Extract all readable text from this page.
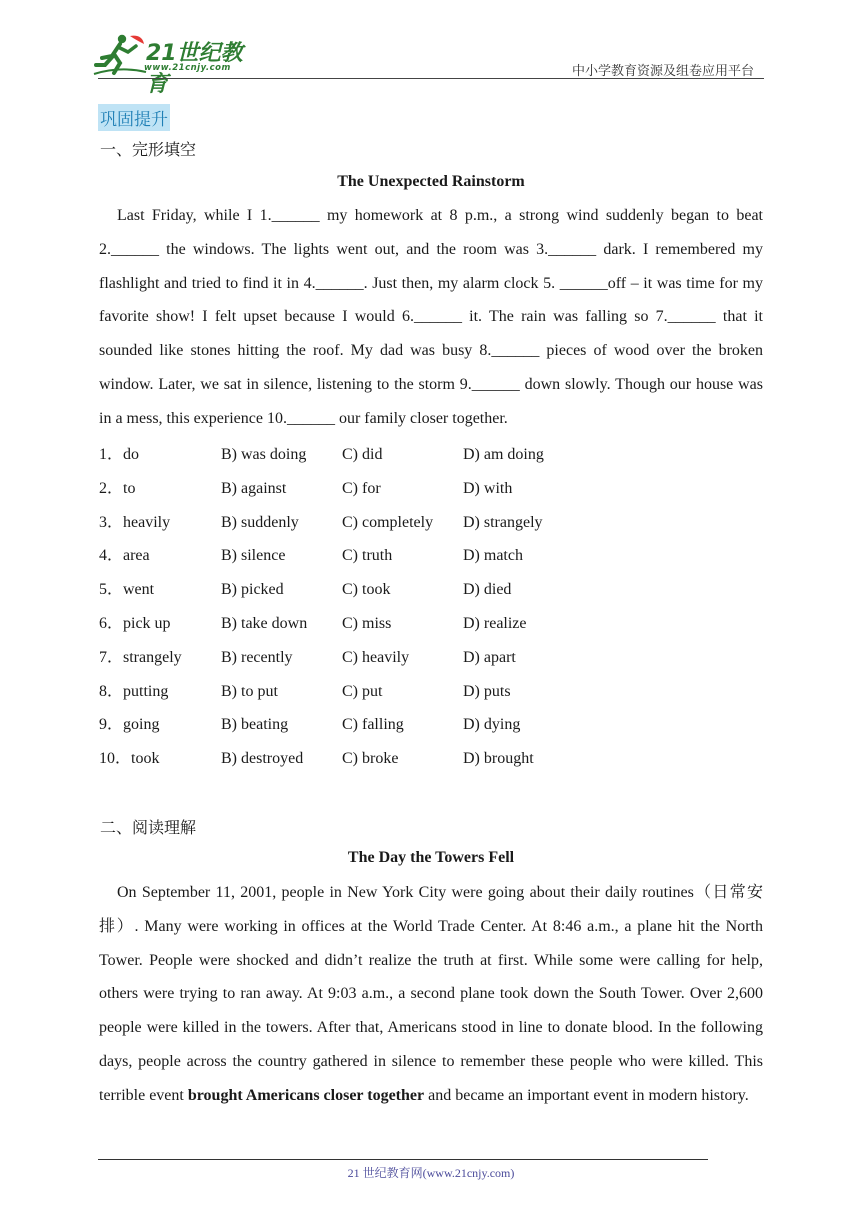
21世纪教育
www.21cnjy.com	中小学教育资源及组卷应用平台
巩固提升
一、完形填空
The Unexpected Rainstorm

Last Friday, while I 1.______ my homework at 8 p.m., a strong wind suddenly began to beat 2.______ the windows. The lights went out, and the room was 3.______ dark. I remembered my flashlight and tried to find it in 4.______. Just then, my alarm clock 5. ______off – it was time for my favorite show! I felt upset because I would 6.______ it. The rain was falling so 7.______ that it sounded like stones hitting the roof. My dad was busy 8.______ pieces of wood over the broken window. Later, we sat in silence, listening to the storm 9.______ down slowly. Though our house was in a mess, this experience 10.______ our family closer together.

1．do	B) was doing	C) did	D) am doing
2．to	B) against	C) for	D) with
3．heavily	B) suddenly	C) completely	D) strangely
4．area	B) silence	C) truth	D) match
5．went	B) picked	C) took	D) died
6．pick up	B) take down	C) miss	D) realize
7．strangely	B) recently	C) heavily	D) apart
8．putting	B) to put	C) put	D) puts
9．going	B) beating	C) falling	D) dying
10．took	B) destroyed	C) broke	D) brought
二、阅读理解
The Day the Towers Fell

On September 11, 2001, people in New York City were going about their daily routines（日常安排）. Many were working in offices at the World Trade Center. At 8:46 a.m., a plane hit the North Tower. People were shocked and didn’t realize the truth at first. While some were calling for help, others were trying to ran away. At 9:03 a.m., a second plane took down the South Tower. Over 2,600 people were killed in the towers. After that, Americans stood in line to donate blood. In the following days, people across the country gathered in silence to remember these people who were killed. This terrible event brought Americans closer together and became an important event in modern history.

21 世纪教育网(www.21cnjy.com)
